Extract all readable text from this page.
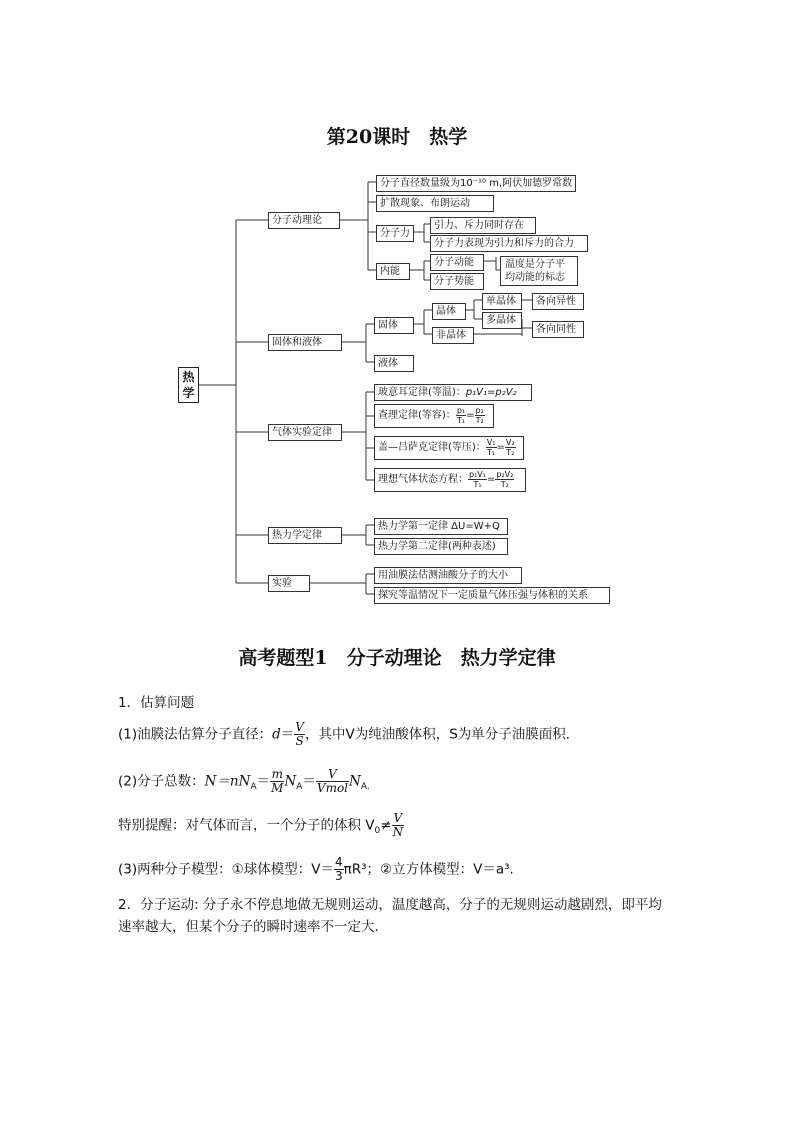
第20课时　热学
热
学
分子动理论
固体和液体
气体实验定律
热力学定律
实验
分子直径数量级为10⁻¹⁰ m,阿伏加德罗常数
扩散现象、布朗运动
分子力
引力、斥力同时存在
分子力表现为引力和斥力的合力
内能
分子动能
分子势能
温度是分子平均动能的标志
固体
晶体
单晶体	各向异性
多晶体
非晶体
各向同性
液体
玻意耳定律(等温)：p₁V₁=p₂V₂
查理定律(等容)： $\frac{\text{p₁}}{\text{T₁}} = \frac{\text{p₂}}{\text{T₂}}$
盖—吕萨克定律(等压)： $\frac{\text{V₁}}{\text{T₁}} = \frac{\text{V₂}}{\text{T₂}}$
理想气体状态方程： $\frac{\text{p₁V₁}}{\text{T₁}} = \frac{\text{p₂V₂}}{\text{T₂}}$
热力学第一定律 ΔU=W+Q
热力学第二定律(两种表述)
用油膜法估测油酸分子的大小
探究等温情况下一定质量气体压强与体积的关系
高考题型1　分子动理论　热力学定律
1．估算问题
(1)油膜法估算分子直径：$d= \frac{V}{S}$ ，其中V为纯油酸体积，S为单分子油膜面积．
(2)分子总数：$N=nN_A= \frac{m}{M} N_A=$	V
Vmol $N_{A.}$
特别提醒：对气体而言，一个分子的体积 $V_0\ne \frac{V}{N}$
(3)两种分子模型：①球体模型：$V= \frac{4}{3} \pi R^3$；②立方体模型：V＝a³.
2．分子运动: 分子永不停息地做无规则运动，温度越高，分子的无规则运动越剧烈，即平均
速率越大，但某个分子的瞬时速率不一定大．
